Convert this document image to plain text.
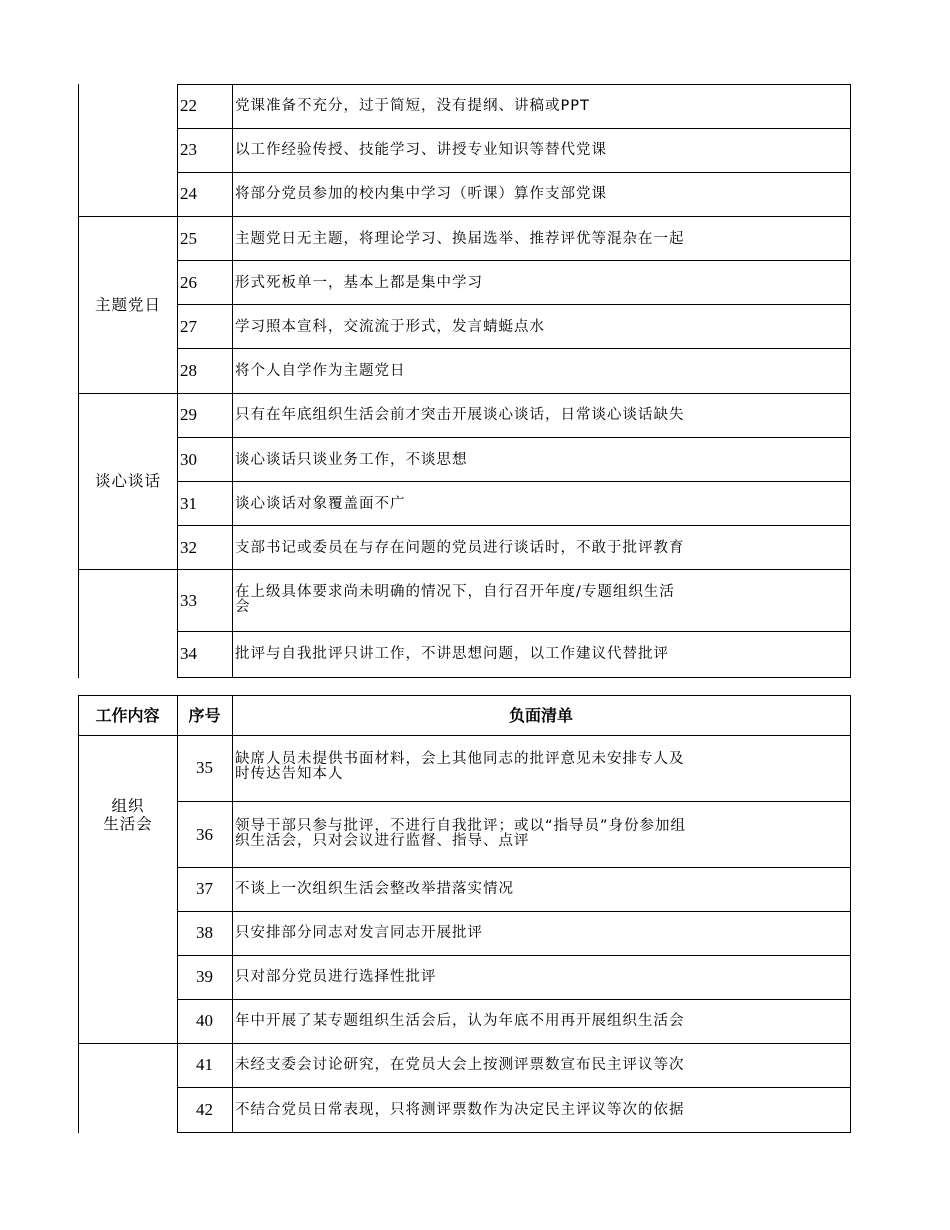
主题党日
谈心谈话
22
23
24
25
26
27
28
29
30
31
32
33
34
党课准备不充分，过于简短，没有提纲、讲稿或PPT
以工作经验传授、技能学习、讲授专业知识等替代党课
将部分党员参加的校内集中学习（听课）算作支部党课
主题党日无主题，将理论学习、换届选举、推荐评优等混杂在一起
形式死板单一，基本上都是集中学习
学习照本宣科，交流流于形式，发言蜻蜓点水
将个人自学作为主题党日
只有在年底组织生活会前才突击开展谈心谈话，日常谈心谈话缺失
谈心谈话只谈业务工作，不谈思想
谈心谈话对象覆盖面不广
支部书记或委员在与存在问题的党员进行谈话时，不敢于批评教育
在上级具体要求尚未明确的情况下，自行召开年度/专题组织生活
会
批评与自我批评只讲工作，不讲思想问题，以工作建议代替批评
工作内容	序号	负面清单
组织
生活会
35
36
37
38
39
40
41
42
缺席人员未提供书面材料，会上其他同志的批评意见未安排专人及
时传达告知本人
领导干部只参与批评，不进行自我批评；或以“指导员”身份参加组
织生活会，只对会议进行监督、指导、点评
不谈上一次组织生活会整改举措落实情况
只安排部分同志对发言同志开展批评
只对部分党员进行选择性批评
年中开展了某专题组织生活会后，认为年底不用再开展组织生活会
未经支委会讨论研究，在党员大会上按测评票数宣布民主评议等次
不结合党员日常表现，只将测评票数作为决定民主评议等次的依据
